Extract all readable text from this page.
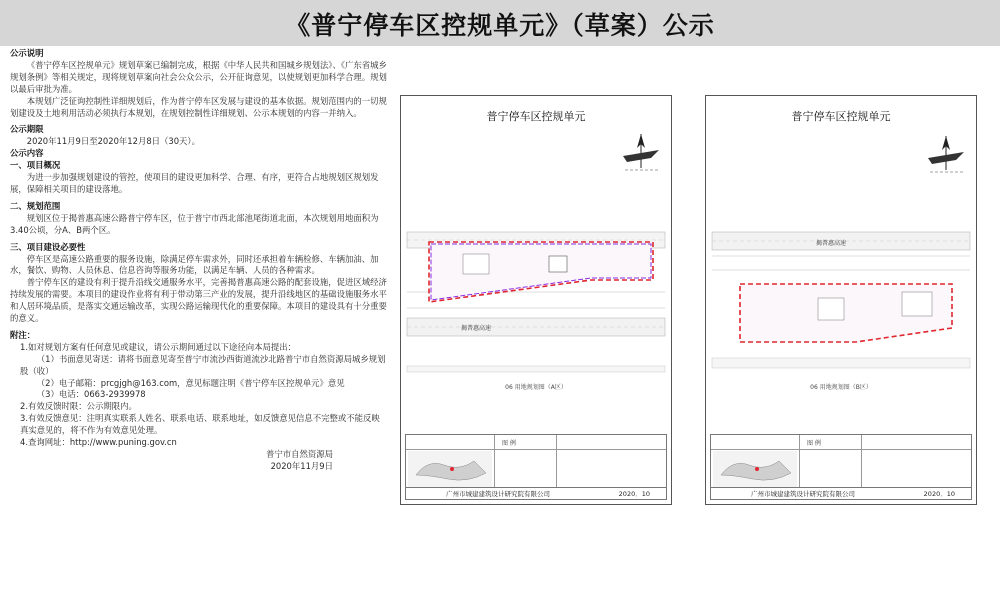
《普宁停车区控规单元》（草案）公示
公示说明
《普宁停车区控规单元》规划草案已编制完成，根据《中华人民共和国城乡规划法》、《广东省城乡规划条例》等相关规定，现将规划草案向社会公众公示，公开征询意见，以使规划更加科学合理。规划以最后审批为准。
本规划广泛征询控制性详细规划后，作为普宁停车区发展与建设的基本依据。规划范围内的一切规划建设及土地利用活动必须执行本规划，在规划控制性详细规划、公示本规划的内容一并纳入。
公示期限
2020年11月9日至2020年12月8日（30天）。
公示内容
一、项目概况
为进一步加强规划建设的管控，使项目的建设更加科学、合理、有序，更符合占地规划区规划发展，保障相关项目的建设落地。
二、规划范围
规划区位于揭普惠高速公路普宁停车区，位于普宁市西北部池尾街道北面，本次规划用地面积为3.40公顷，分A、B两个区。
三、项目建设必要性
停车区是高速公路重要的服务设施，除满足停车需求外，同时还承担着车辆检修、车辆加油、加水，餐饮、购物、人员休息、信息咨询等服务功能，以满足车辆、人员的各种需求。
普宁停车区的建设有利于提升沿线交通服务水平，完善揭普惠高速公路的配套设施，促进区域经济持续发展的需要。本项目的建设作业将有利于带动第三产业的发展，提升沿线地区的基础设施服务水平和人居环境品质，是落实交通运输改革，实现公路运输现代化的重要保障。本项目的建设具有十分重要的意义。
附注：
1.如对规划方案有任何意见或建议，请公示期间通过以下途径向本局提出：
（1）书面意见寄送：请将书面意见寄至普宁市流沙西街道流沙北路普宁市自然资源局城乡规划股（收）
（2）电子邮箱：prcgjgh@163.com，意见标题注明《普宁停车区控规单元》意见
（3）电话：0663-2939978
2.有效反馈时限：公示期限内。
3.有效反馈意见：注明真实联系人姓名、联系电话、联系地址，如反馈意见信息不完整或不能反映真实意见的，将不作为有效意见处理。
4.查询网址：http://www.puning.gov.cn
普宁市自然资源局
2020年11月9日
普宁停车区控规单元
揭普惠高速
06 用地规划图（A区）
图 例
广州市城建建筑设计研究院有限公司	2020．10
普宁停车区控规单元
揭普惠高速
06 用地规划图（B区）
图 例
广州市城建建筑设计研究院有限公司	2020．10
